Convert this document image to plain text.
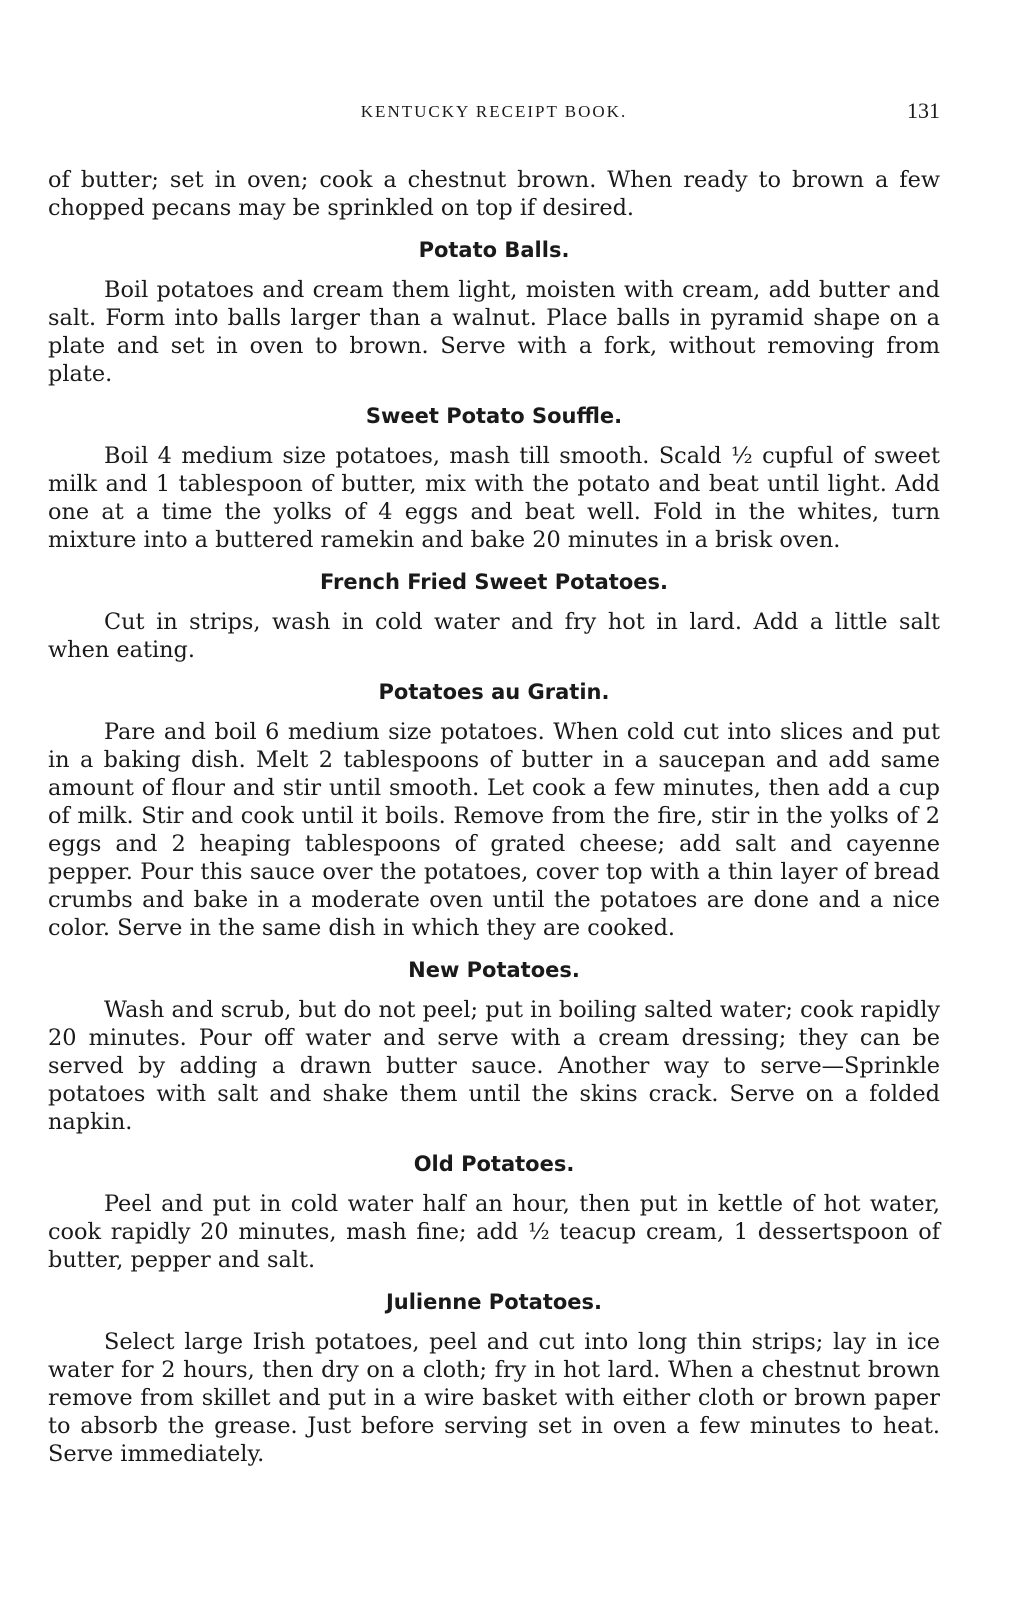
KENTUCKY RECEIPT BOOK.	131

of butter; set in oven; cook a chestnut brown. When ready to brown a few chopped pecans may be sprinkled on top if desired.

Potato Balls.

Boil potatoes and cream them light, moisten with cream, add butter and salt. Form into balls larger than a walnut. Place balls in pyramid shape on a plate and set in oven to brown. Serve with a fork, without removing from plate.

Sweet Potato Souffle.

Boil 4 medium size potatoes, mash till smooth. Scald ½ cupful of sweet milk and 1 tablespoon of butter, mix with the potato and beat until light. Add one at a time the yolks of 4 eggs and beat well. Fold in the whites, turn mixture into a buttered ramekin and bake 20 minutes in a brisk oven.

French Fried Sweet Potatoes.

Cut in strips, wash in cold water and fry hot in lard. Add a little salt when eating.

Potatoes au Gratin.

Pare and boil 6 medium size potatoes. When cold cut into slices and put in a baking dish. Melt 2 tablespoons of butter in a saucepan and add same amount of flour and stir until smooth. Let cook a few minutes, then add a cup of milk. Stir and cook until it boils. Remove from the fire, stir in the yolks of 2 eggs and 2 heaping tablespoons of grated cheese; add salt and cayenne pepper. Pour this sauce over the potatoes, cover top with a thin layer of bread crumbs and bake in a moderate oven until the potatoes are done and a nice color. Serve in the same dish in which they are cooked.

New Potatoes.

Wash and scrub, but do not peel; put in boiling salted water; cook rapidly 20 minutes. Pour off water and serve with a cream dressing; they can be served by adding a drawn butter sauce. Another way to serve—Sprinkle potatoes with salt and shake them until the skins crack. Serve on a folded napkin.

Old Potatoes.

Peel and put in cold water half an hour, then put in kettle of hot water, cook rapidly 20 minutes, mash fine; add ½ teacup cream, 1 dessertspoon of butter, pepper and salt.

Julienne Potatoes.

Select large Irish potatoes, peel and cut into long thin strips; lay in ice water for 2 hours, then dry on a cloth; fry in hot lard. When a chestnut brown remove from skillet and put in a wire basket with either cloth or brown paper to absorb the grease. Just before serving set in oven a few minutes to heat. Serve immediately.
